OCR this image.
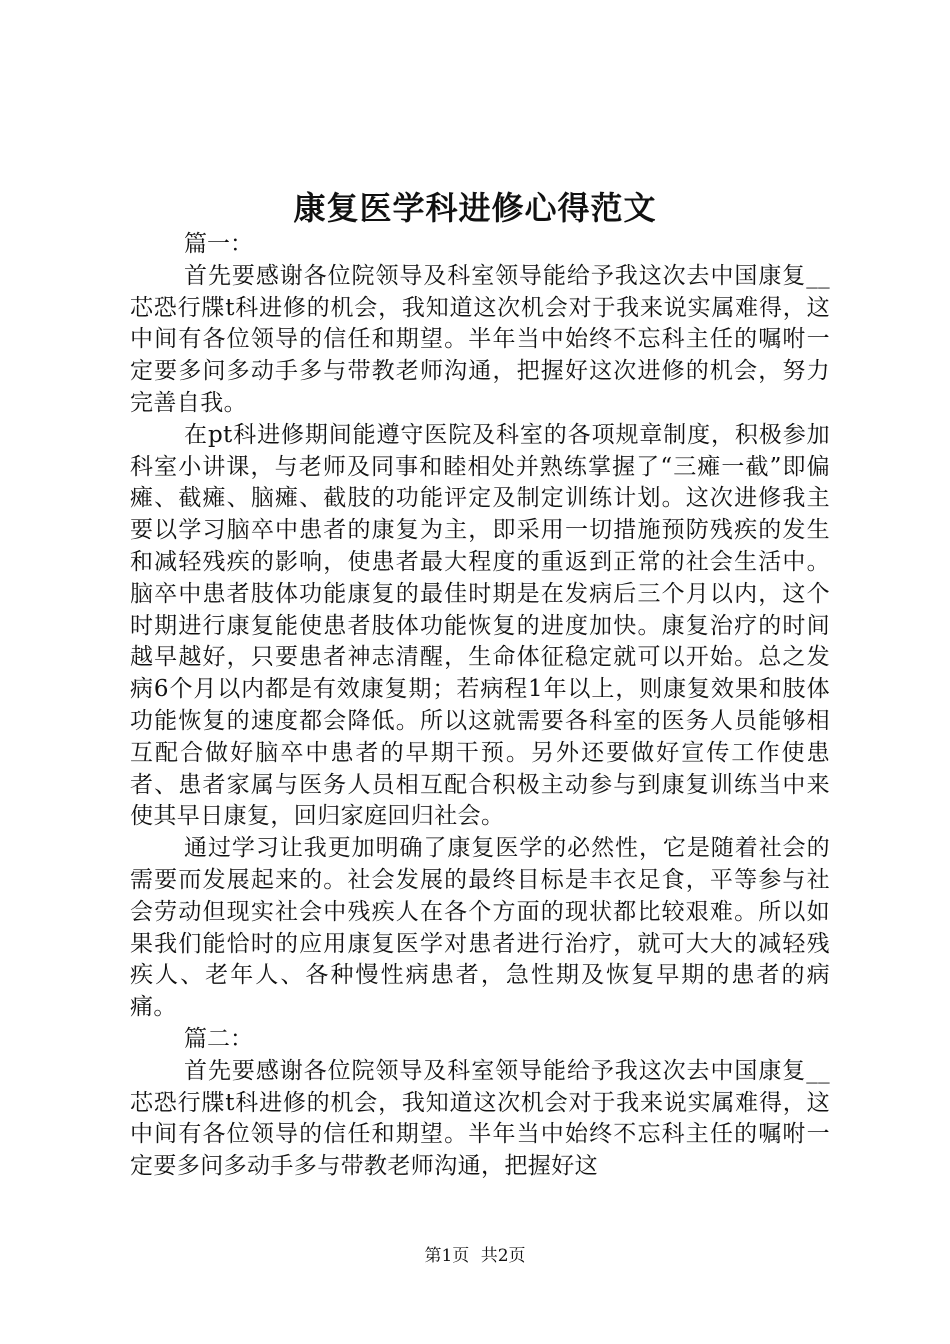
康复医学科进修心得范文

篇一：

首先要感谢各位院领导及科室领导能给予我这次去中国康复__芯恐行牒t科进修的机会，我知道这次机会对于我来说实属难得，这中间有各位领导的信任和期望。半年当中始终不忘科主任的嘱咐一定要多问多动手多与带教老师沟通，把握好这次进修的机会，努力完善自我。

在pt科进修期间能遵守医院及科室的各项规章制度，积极参加科室小讲课，与老师及同事和睦相处并熟练掌握了“三瘫一截”即偏瘫、截瘫、脑瘫、截肢的功能评定及制定训练计划。这次进修我主要以学习脑卒中患者的康复为主，即采用一切措施预防残疾的发生和减轻残疾的影响，使患者最大程度的重返到正常的社会生活中。脑卒中患者肢体功能康复的最佳时期是在发病后三个月以内，这个时期进行康复能使患者肢体功能恢复的进度加快。康复治疗的时间越早越好，只要患者神志清醒，生命体征稳定就可以开始。总之发病6个月以内都是有效康复期；若病程1年以上，则康复效果和肢体功能恢复的速度都会降低。所以这就需要各科室的医务人员能够相互配合做好脑卒中患者的早期干预。另外还要做好宣传工作使患者、患者家属与医务人员相互配合积极主动参与到康复训练当中来使其早日康复，回归家庭回归社会。

通过学习让我更加明确了康复医学的必然性，它是随着社会的需要而发展起来的。社会发展的最终目标是丰衣足食，平等参与社会劳动但现实社会中残疾人在各个方面的现状都比较艰难。所以如果我们能恰时的应用康复医学对患者进行治疗，就可大大的减轻残疾人、老年人、各种慢性病患者，急性期及恢复早期的患者的病痛。

篇二：

首先要感谢各位院领导及科室领导能给予我这次去中国康复__芯恐行牒t科进修的机会，我知道这次机会对于我来说实属难得，这中间有各位领导的信任和期望。半年当中始终不忘科主任的嘱咐一定要多问多动手多与带教老师沟通，把握好这

第1页 共2页
